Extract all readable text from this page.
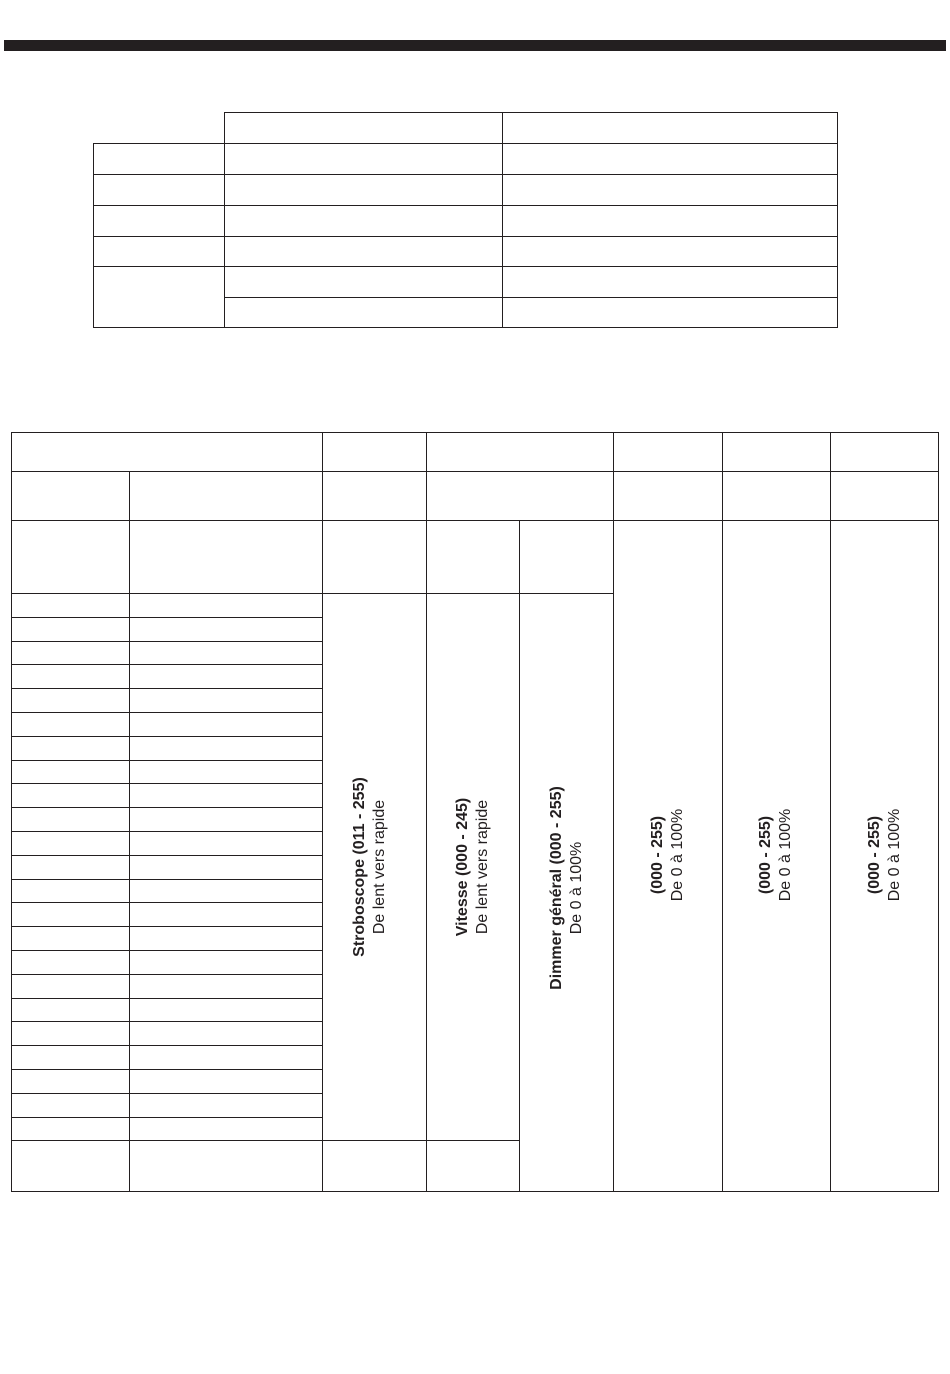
Stroboscope (011 - 255) De lent vers rapide	Vitesse (000 - 245) De lent vers rapide	Dimmer général (000 - 255) De 0 à 100%	(000 - 255) De 0 à 100%	(000 - 255) De 0 à 100%	(000 - 255) De 0 à 100%
